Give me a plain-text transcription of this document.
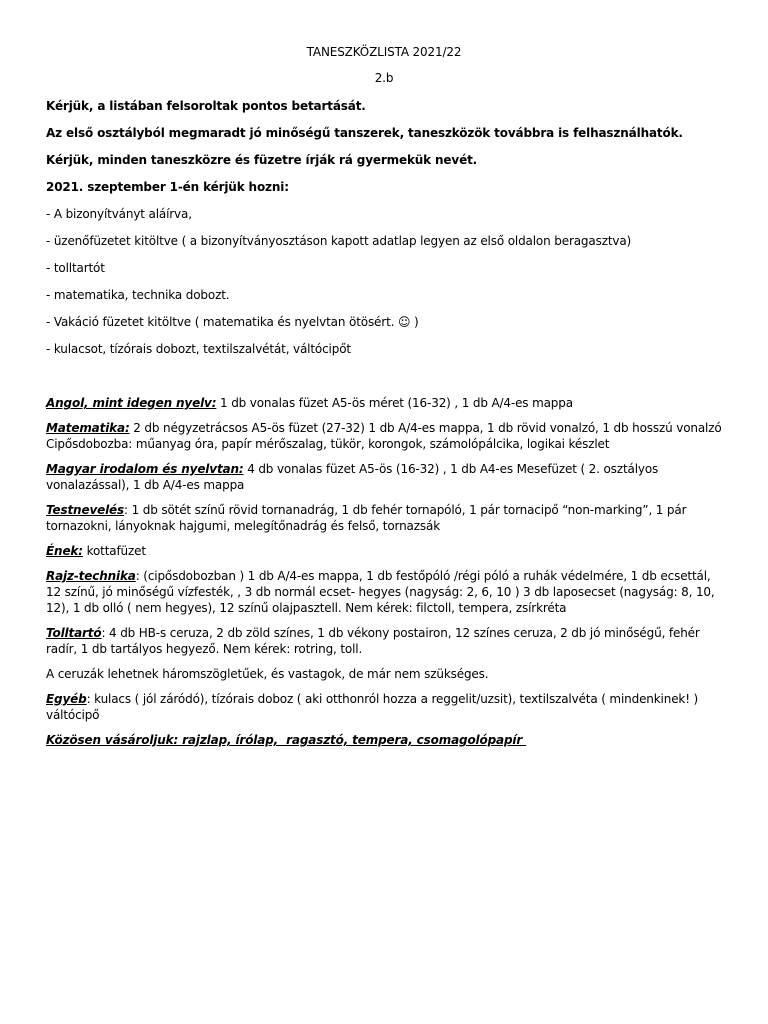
TANESZKÖZLISTA 2021/22

2.b

Kérjük, a listában felsoroltak pontos betartását.

Az első osztályból megmaradt jó minőségű tanszerek, taneszközök továbbra is felhasználhatók.

Kérjük, minden taneszközre és füzetre írják rá gyermekük nevét.

2021. szeptember 1-én kérjük hozni:

- A bizonyítványt aláírva,

- üzenőfüzetet kitöltve ( a bizonyítványosztáson kapott adatlap legyen az első oldalon beragasztva)

- tolltartót

- matematika, technika dobozt.

- Vakáció füzetet kitöltve ( matematika és nyelvtan ötösért. ☺ )

- kulacsot, tízórais dobozt, textilszalvétát, váltócipőt

Angol, mint idegen nyelv: 1 db vonalas füzet A5-ös méret (16-32) , 1 db A/4-es mappa

Matematika: 2 db négyzetrácsos A5-ös füzet (27-32) 1 db A/4-es mappa, 1 db rövid vonalzó, 1 db hosszú vonalzó Cipősdobozba: műanyag óra, papír mérőszalag, tükör, korongok, számolópálcika, logikai készlet

Magyar irodalom és nyelvtan: 4 db vonalas füzet A5-ös (16-32) , 1 db A4-es Mesefüzet ( 2. osztályos vonalazással), 1 db A/4-es mappa

Testnevelés: 1 db sötét színű rövid tornanadrág, 1 db fehér tornapóló, 1 pár tornacipő “non-marking”, 1 pár tornazokni, lányoknak hajgumi, melegítőnadrág és felső, tornazsák

Ének: kottafüzet

Rajz-technika: (cipősdobozban ) 1 db A/4-es mappa, 1 db festőpóló /régi póló a ruhák védelmére, 1 db ecsettál, 12 színű, jó minőségű vízfesték, , 3 db normál ecset- hegyes (nagyság: 2, 6, 10 ) 3 db laposecset (nagyság: 8, 10, 12), 1 db olló ( nem hegyes), 12 színű olajpasztell. Nem kérek: filctoll, tempera, zsírkréta

Tolltartó: 4 db HB-s ceruza, 2 db zöld színes, 1 db vékony postairon, 12 színes ceruza, 2 db jó minőségű, fehér radír, 1 db tartályos hegyező. Nem kérek: rotring, toll.

A ceruzák lehetnek háromszögletűek, és vastagok, de már nem szükséges.

Egyéb: kulacs ( jól záródó), tízórais doboz ( aki otthonról hozza a reggelit/uzsit), textilszalvéta ( mindenkinek! ) váltócipő

Közösen vásároljuk: rajzlap, írólap,  ragasztó, tempera, csomagolópapír
